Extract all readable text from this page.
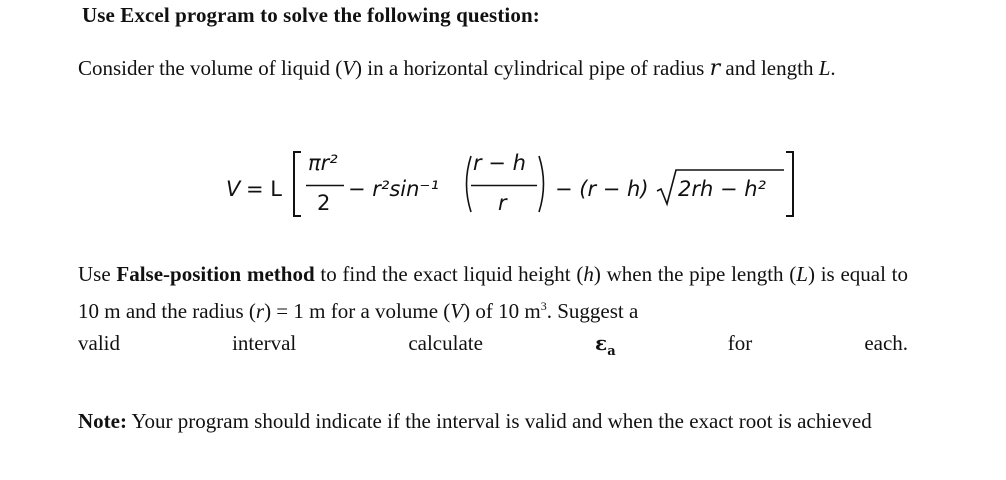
Use Excel program to solve the following question:

Consider the volume of liquid (V) in a horizontal cylindrical pipe of radius r and length L.

V = L
πr²
2
− r²sin⁻¹
r − h
r
− (r − h) 2rh − h²
Use False-position method to find the exact liquid height (h) when the pipe length (L) is equal to 10 m and the radius (r) = 1 m for a volume (V) of 10 $m^3$. Suggest a
valid	interval	calculate	$\varepsilon_a$	for	each.

Note: Your program should indicate if the interval is valid and when the exact root is achieved
